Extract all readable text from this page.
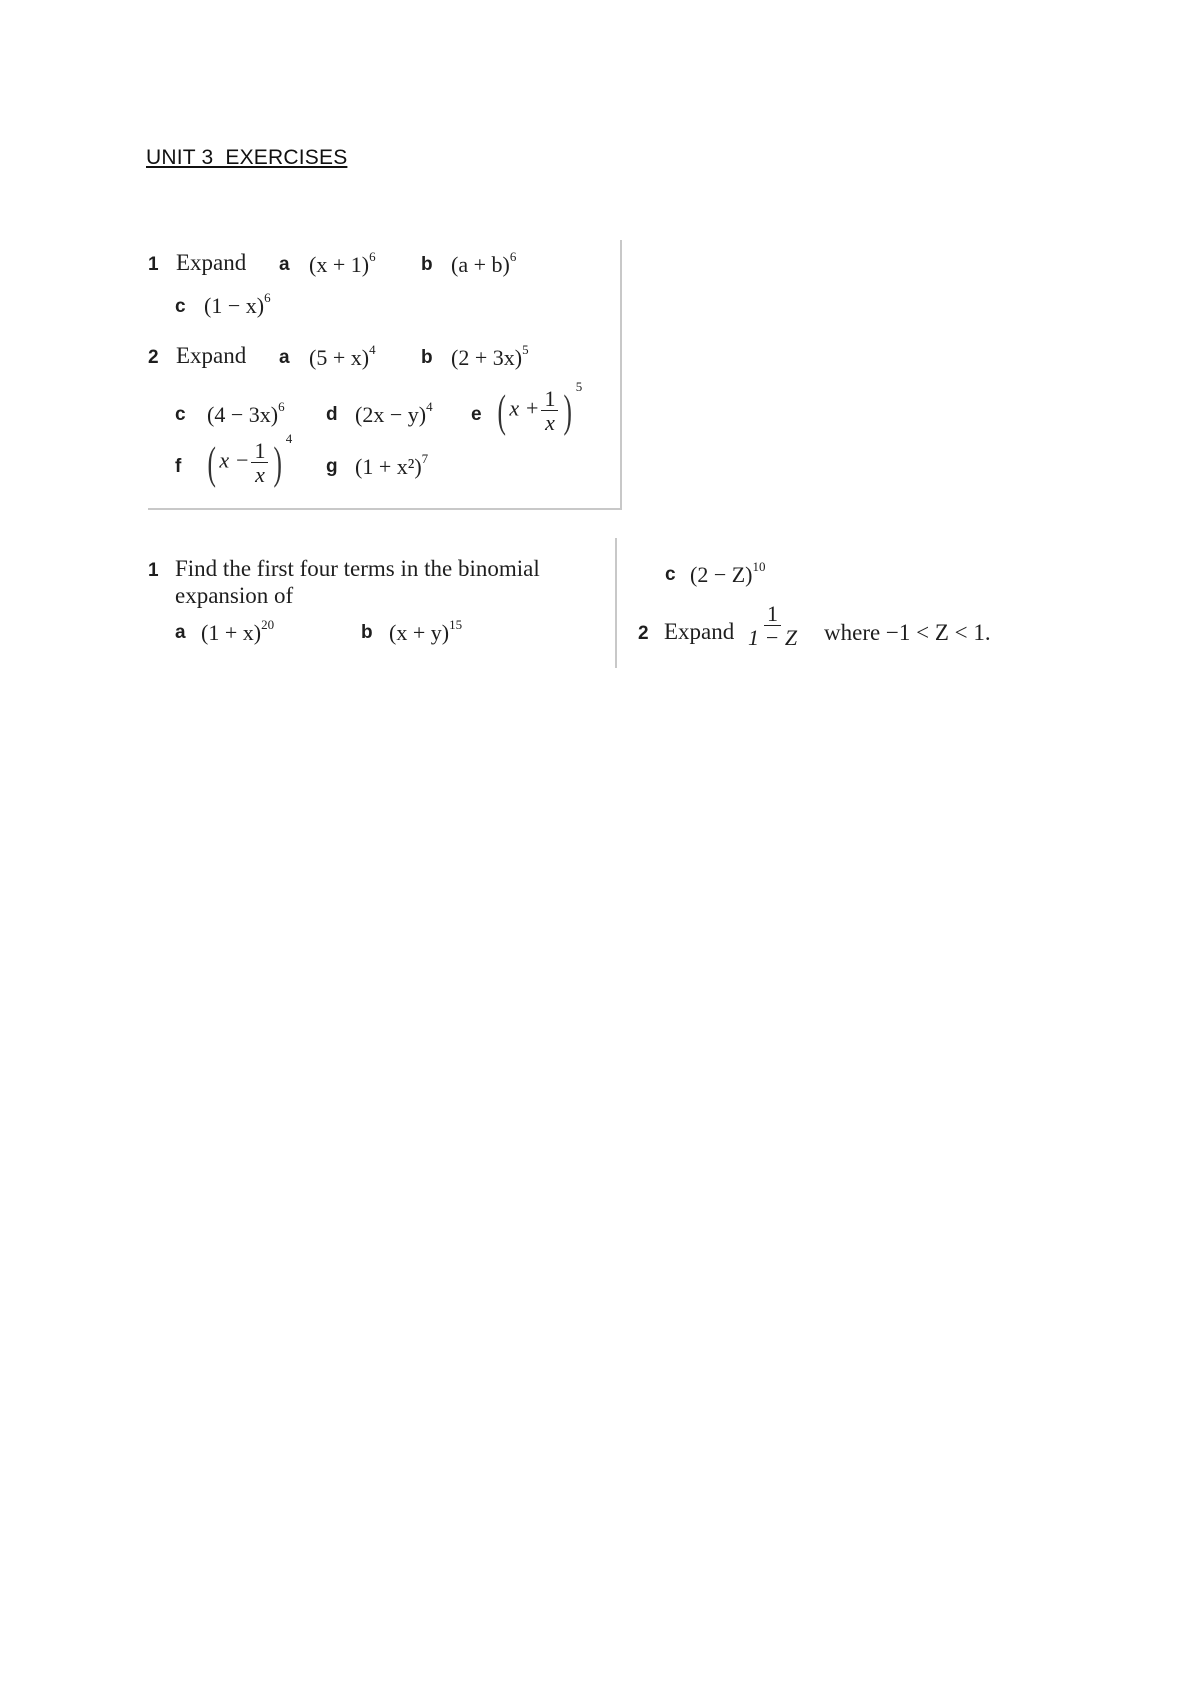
UNIT 3  EXERCISES
1 Expand a $(x + 1)^6$ b $(a + b)^6$
c $(1 - x)^6$
2 Expand a $(5 + x)^4$ b $(2 + 3x)^5$
c $(4 - 3x)^6$ d $(2x - y)^4$ e ( $x + \frac{1}{x}$ ) $^5$
f ( $x - \frac{1}{x}$ ) $^4$
g $(1 + x^2)^7$
1 Find the first four terms in the binomial
expansion of
a $(1 + x)^{20}$	b $(x + y)^{15}$
c $(2 - Z)^{10}$
2 Expand $\frac{1}{1 - Z}$ where −1 < Z < 1.
